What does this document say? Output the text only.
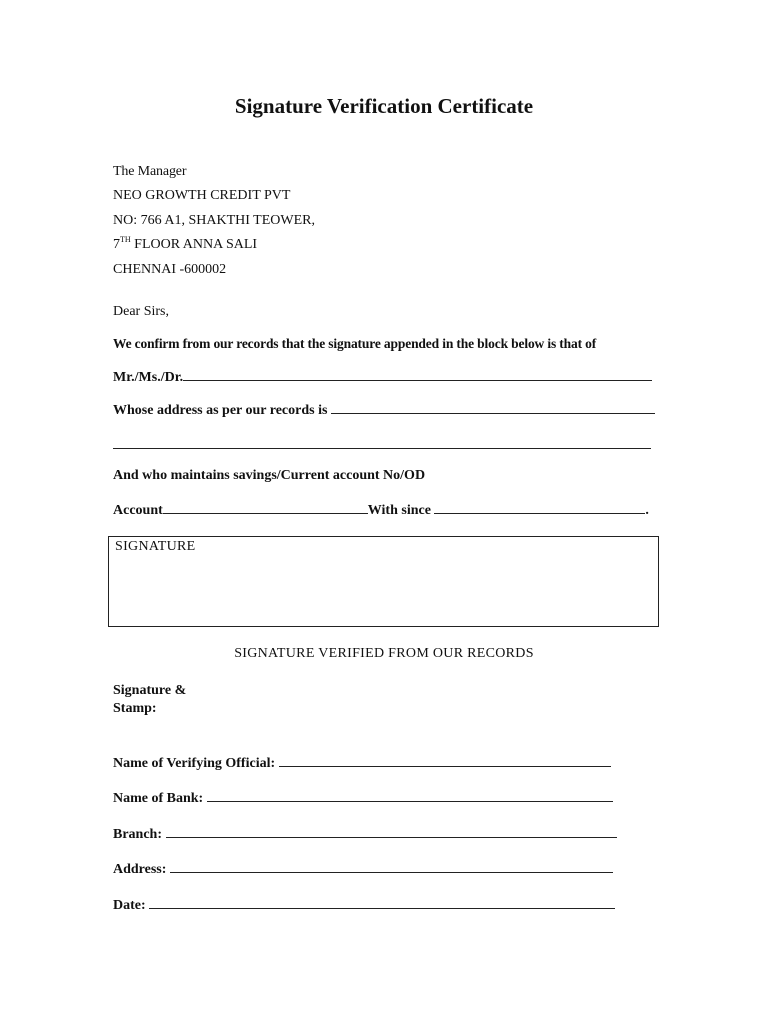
Signature Verification Certificate
The Manager
NEO GROWTH CREDIT PVT
NO: 766 A1, SHAKTHI TEOWER,
7TH FLOOR ANNA SALI
CHENNAI -600002
Dear Sirs,
We confirm from our records that the signature appended in the block below is that of
Mr./Ms./Dr.
Whose address as per our records is
And who maintains savings/Current account No/OD
Account	With since	.
SIGNATURE
SIGNATURE VERIFIED FROM OUR RECORDS
Signature &
Stamp:
Name of Verifying Official:
Name of Bank:
Branch:
Address:
Date:
